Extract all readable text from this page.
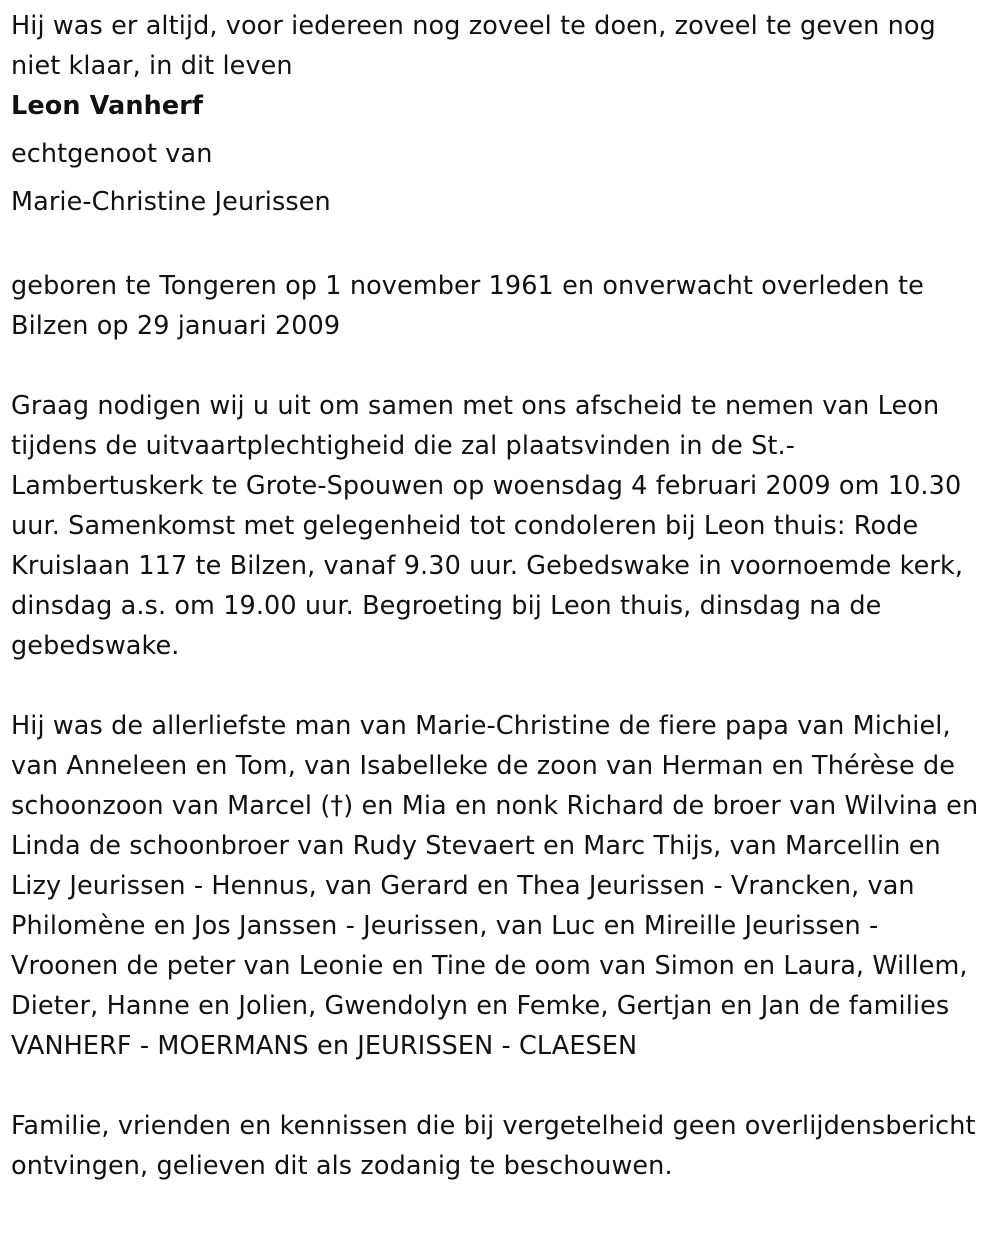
Hij was er altijd, voor iedereen nog zoveel te doen, zoveel te geven nog niet klaar, in dit leven

Leon Vanherf

echtgenoot van

Marie-Christine Jeurissen

geboren te Tongeren op 1 november 1961 en onverwacht overleden te Bilzen op 29 januari 2009

Graag nodigen wij u uit om samen met ons afscheid te nemen van Leon tijdens de uitvaartplechtigheid die zal plaatsvinden in de St.-Lambertuskerk te Grote-Spouwen op woensdag 4 februari 2009 om 10.30 uur. Samenkomst met gelegenheid tot condoleren bij Leon thuis: Rode Kruislaan 117 te Bilzen, vanaf 9.30 uur. Gebedswake in voornoemde kerk, dinsdag a.s. om 19.00 uur. Begroeting bij Leon thuis, dinsdag na de gebedswake.

Hij was de allerliefste man van Marie-Christine de fiere papa van Michiel, van Anneleen en Tom, van Isabelleke de zoon van Herman en Thérèse de schoonzoon van Marcel (†) en Mia en nonk Richard de broer van Wilvina en Linda de schoonbroer van Rudy Stevaert en Marc Thijs, van Marcellin en Lizy Jeurissen - Hennus, van Gerard en Thea Jeurissen - Vrancken, van Philomène en Jos Janssen - Jeurissen, van Luc en Mireille Jeurissen - Vroonen de peter van Leonie en Tine de oom van Simon en Laura, Willem, Dieter, Hanne en Jolien, Gwendolyn en Femke, Gertjan en Jan de families VANHERF - MOERMANS en JEURISSEN - CLAESEN

Familie, vrienden en kennissen die bij vergetelheid geen overlijdensbericht ontvingen, gelieven dit als zodanig te beschouwen.
